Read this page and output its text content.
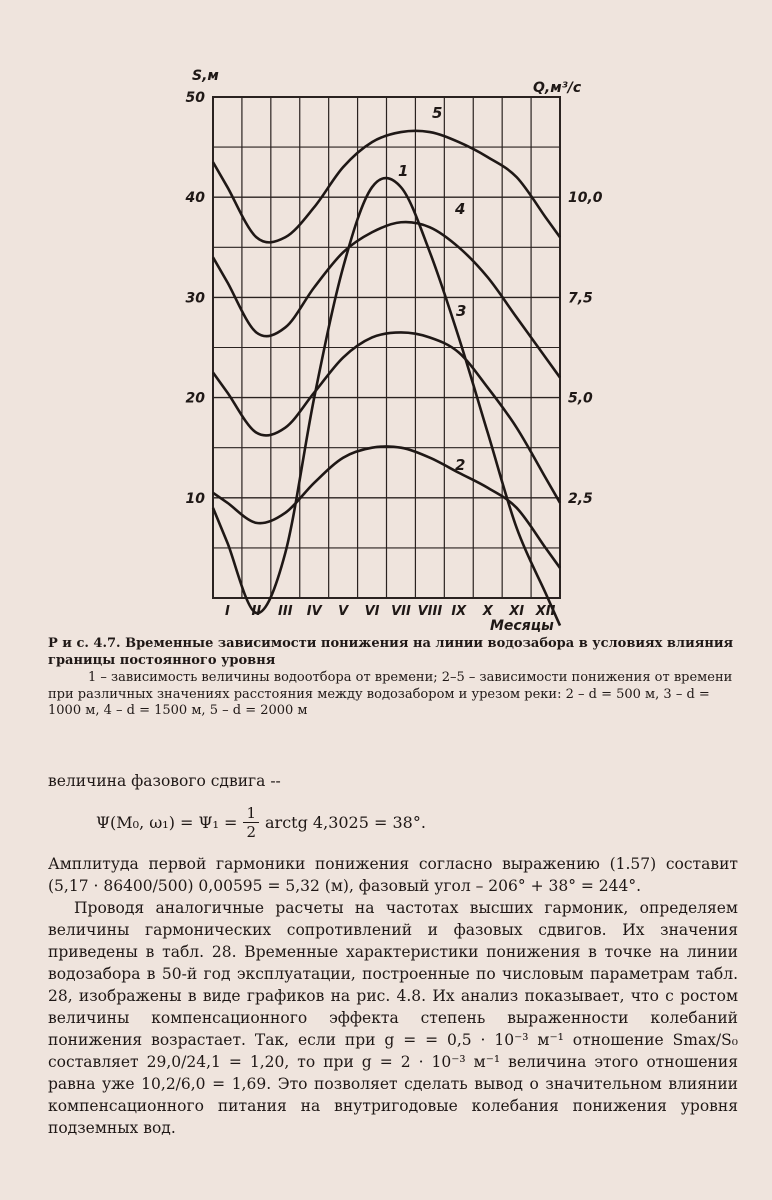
1
2
3
4
5
50
40
30
20
10
10,0
7,5
5,0
2,5
I II III IV V VI VII VIII IX X XI XII
S,м
Q,м³/с
Месяцы
Р и с. 4.7. Временные зависимости понижения на линии водозабора в условиях влияния границы постоянного уровня
1 – зависимость величины водоотбора от времени; 2–5 – зависимости понижения от времени при различных значениях расстояния между водозабором и урезом реки: 2 – d = 500 м, 3 – d = 1000 м, 4 – d = 1500 м, 5 – d = 2000 м

величина фазового сдвига --

Ψ(M₀, $\omega_1) = \Psi_1 = \frac{1}{2}$ arctg 4,3025 = 38°.

Амплитуда первой гармоники понижения согласно выражению (1.57) составит (5,17 · 86400/500) 0,00595 = 5,32 (м), фазовый угол – 206° + 38° = 244°.

Проводя аналогичные расчеты на частотах высших гармоник, определяем величины гармонических сопротивлений и фазовых сдвигов. Их значения приведены в табл. 28. Временные характеристики понижения в точке на линии водозабора в 50-й год эксплуатации, построенные по числовым параметрам табл. 28, изображены в виде графиков на рис. 4.8. Их анализ показывает, что с ростом величины компенсационного эффекта степень выраженности колебаний понижения возрастает. Так, если при g = = 0,5 · 10⁻³ м⁻¹ отношение Smax/S₀ составляет 29,0/24,1 = 1,20, то при g = 2 · 10⁻³ м⁻¹ величина этого отношения равна уже 10,2/6,0 = 1,69. Это позволяет сделать вывод о значительном влиянии компенсационного питания на внутригодовые колебания понижения уровня подземных вод.
